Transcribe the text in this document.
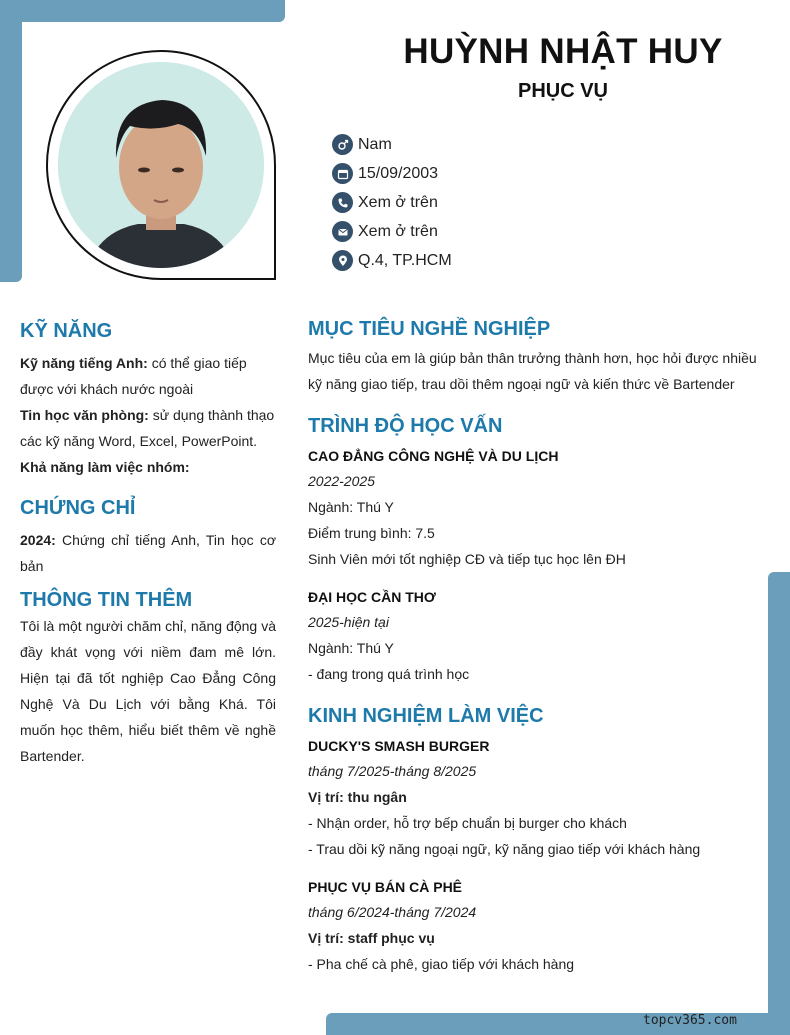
HUỲNH NHẬT HUY
PHỤC VỤ
Nam
15/09/2003
Xem ở trên
Xem ở trên
Q.4, TP.HCM
KỸ NĂNG
Kỹ năng tiếng Anh: có thể giao tiếp được với khách nước ngoài
Tin học văn phòng: sử dụng thành thạo các kỹ năng Word, Excel, PowerPoint.
Khả năng làm việc nhóm:
CHỨNG CHỈ
2024: Chứng chỉ tiếng Anh, Tin học cơ bản
THÔNG TIN THÊM
Tôi là một người chăm chỉ, năng động và đầy khát vọng với niềm đam mê lớn. Hiện tại đã tốt nghiệp Cao Đẳng Công Nghệ Và Du Lịch với bằng Khá. Tôi muốn học thêm, hiểu biết thêm về nghề Bartender.
MỤC TIÊU NGHỀ NGHIỆP
Mục tiêu của em là giúp bản thân trưởng thành hơn, học hỏi được nhiều kỹ năng giao tiếp, trau dồi thêm ngoại ngữ và kiến thức về Bartender
TRÌNH ĐỘ HỌC VẤN
CAO ĐẲNG CÔNG NGHỆ VÀ DU LỊCH
2022-2025
Ngành: Thú Y
Điểm trung bình: 7.5
Sinh Viên mới tốt nghiệp CĐ và tiếp tục học lên ĐH
ĐẠI HỌC CẦN THƠ
2025-hiện tại
Ngành: Thú Y
- đang trong quá trình học
KINH NGHIỆM LÀM VIỆC
DUCKY'S SMASH BURGER
tháng 7/2025-tháng 8/2025
Vị trí: thu ngân
- Nhận order, hỗ trợ bếp chuẩn bị burger cho khách
- Trau dồi kỹ năng ngoại ngữ, kỹ năng giao tiếp với khách hàng
PHỤC VỤ BÁN CÀ PHÊ
tháng 6/2024-tháng 7/2024
Vị trí: staff phục vụ
- Pha chế cà phê, giao tiếp với khách hàng
topcv365.com
